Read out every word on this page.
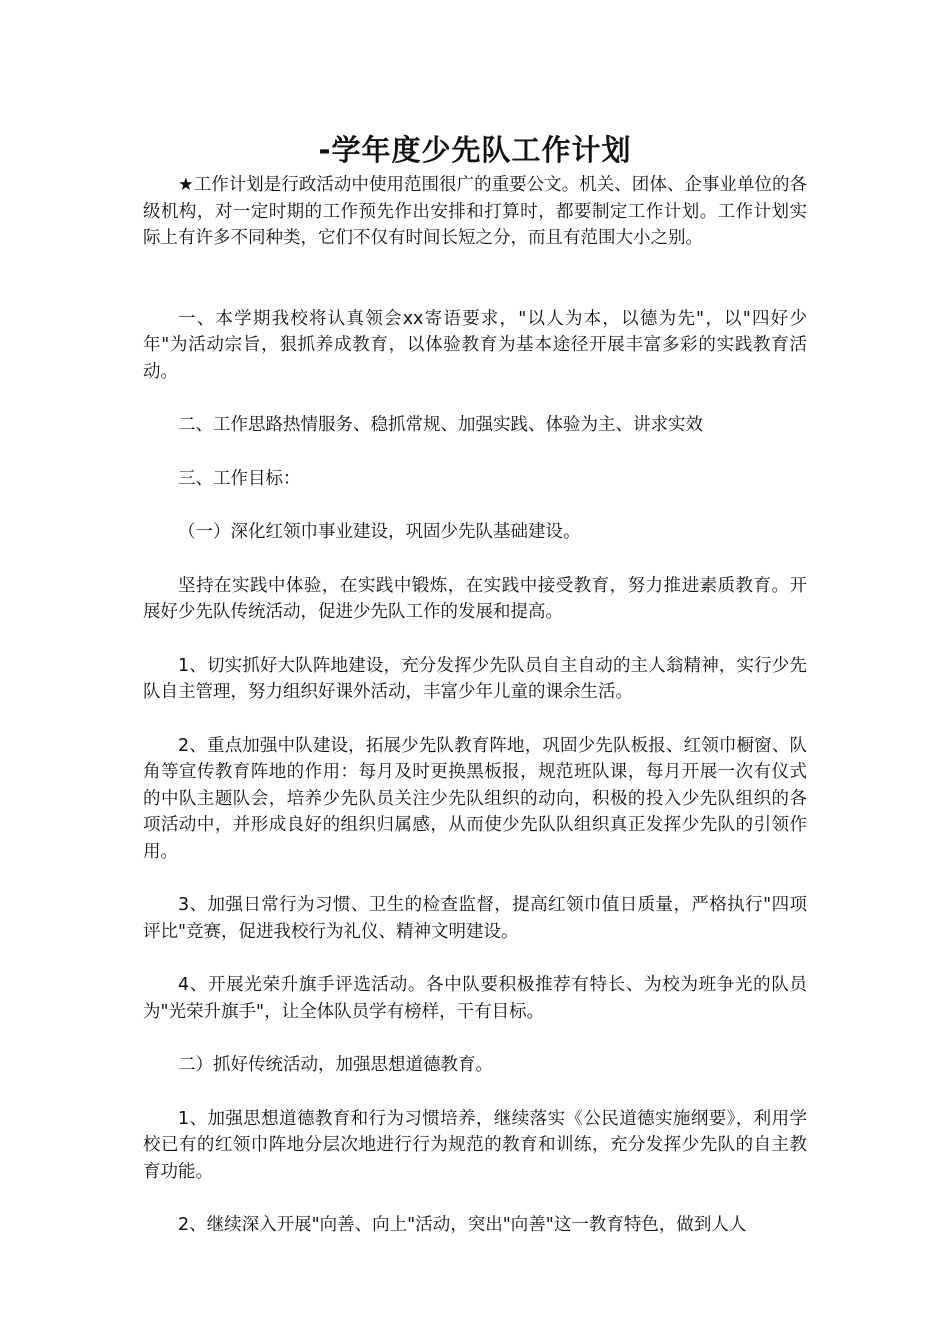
-学年度少先队工作计划

★工作计划是行政活动中使用范围很广的重要公文。机关、团体、企事业单位的各级机构，对一定时期的工作预先作出安排和打算时，都要制定工作计划。工作计划实际上有许多不同种类，它们不仅有时间长短之分，而且有范围大小之别。

一、本学期我校将认真领会xx寄语要求，"以人为本，以德为先"，以"四好少年"为活动宗旨，狠抓养成教育，以体验教育为基本途径开展丰富多彩的实践教育活动。

二、工作思路热情服务、稳抓常规、加强实践、体验为主、讲求实效

三、工作目标：

（一）深化红领巾事业建设，巩固少先队基础建设。

坚持在实践中体验，在实践中锻炼，在实践中接受教育，努力推进素质教育。开展好少先队传统活动，促进少先队工作的发展和提高。

1、切实抓好大队阵地建设，充分发挥少先队员自主自动的主人翁精神，实行少先队自主管理，努力组织好课外活动，丰富少年儿童的课余生活。

2、重点加强中队建设，拓展少先队教育阵地，巩固少先队板报、红领巾橱窗、队角等宣传教育阵地的作用：每月及时更换黑板报，规范班队课，每月开展一次有仪式的中队主题队会，培养少先队员关注少先队组织的动向，积极的投入少先队组织的各项活动中，并形成良好的组织归属感，从而使少先队队组织真正发挥少先队的引领作用。

3、加强日常行为习惯、卫生的检查监督，提高红领巾值日质量，严格执行"四项评比"竞赛，促进我校行为礼仪、精神文明建设。

4、开展光荣升旗手评选活动。各中队要积极推荐有特长、为校为班争光的队员为"光荣升旗手"，让全体队员学有榜样，干有目标。

二）抓好传统活动，加强思想道德教育。

1、加强思想道德教育和行为习惯培养，继续落实《公民道德实施纲要》，利用学校已有的红领巾阵地分层次地进行行为规范的教育和训练，充分发挥少先队的自主教育功能。

2、继续深入开展"向善、向上"活动，突出"向善"这一教育特色，做到人人
